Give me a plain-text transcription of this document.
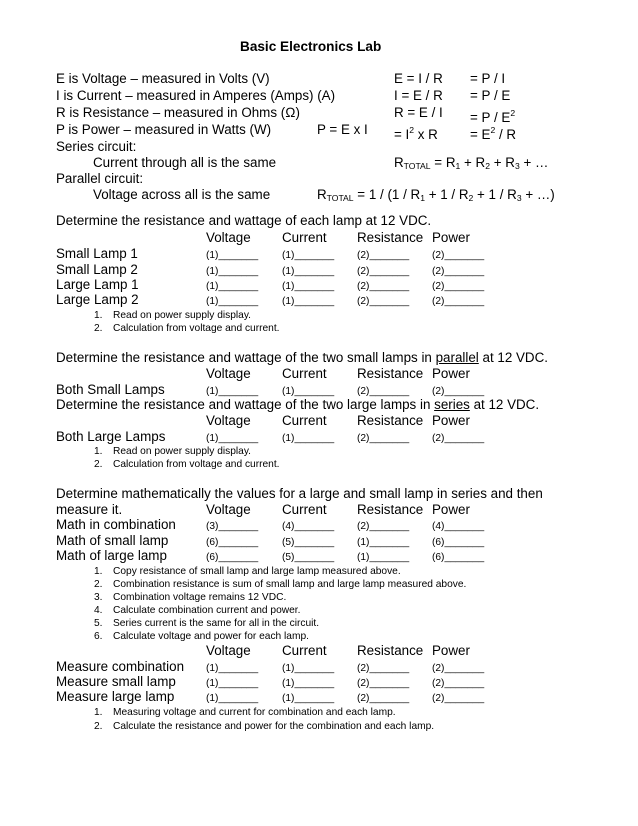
Basic Electronics Lab
E is Voltage – measured in Volts (V)
I is Current – measured in Amperes (Amps) (A)
R is Resistance – measured in Ohms (Ω)
P is Power – measured in Watts (W)	P = E x I
Series circuit:
Current through all is the same
Parallel circuit:
Voltage across all is the same
E = I / R = P / I
I = E / R = P / E
$R = E / I = P / E^2$
= $I^2$ x $R = E^2 / R$
$R_{TOTAL} = R_1 + R_2 + R_3$ + …
$R_{TOTAL} = 1 / (1 / R_1 + 1 / R_2 + 1 / R_3$ + …)
Determine the resistance and wattage of each lamp at 12 VDC.
Voltage Current Resistance Power
Small Lamp 1	(1)_______ (1)_______ (2)_______ (2)_______
Small Lamp 2	(1)_______ (1)_______ (2)_______ (2)_______
Large Lamp 1	(1)_______ (1)_______ (2)_______ (2)_______
Large Lamp 2	(1)_______ (1)_______ (2)_______ (2)_______
1. Read on power supply display.
2. Calculation from voltage and current.
Determine the resistance and wattage of the two small lamps in parallel at 12 VDC.
Voltage Current Resistance Power
Both Small Lamps	(1)_______ (1)_______ (2)_______ (2)_______
Determine the resistance and wattage of the two large lamps in series at 12 VDC.
Voltage Current Resistance Power
Both Large Lamps	(1)_______ (1)_______ (2)_______ (2)_______
1. Read on power supply display.
2. Calculation from voltage and current.
Determine mathematically the values for a large and small lamp in series and then
measure it.	Voltage Current Resistance Power
Math in combination	(3)_______ (4)_______ (2)_______ (4)_______
Math of small lamp	(6)_______ (5)_______ (1)_______ (6)_______
Math of large lamp	(6)_______ (5)_______ (1)_______ (6)_______
1. Copy resistance of small lamp and large lamp measured above.
2. Combination resistance is sum of small lamp and large lamp measured above.
3. Combination voltage remains 12 VDC.
4. Calculate combination current and power.
5. Series current is the same for all in the circuit.
6. Calculate voltage and power for each lamp.
Voltage Current Resistance Power
Measure combination (1)_______ (1)_______ (2)_______ (2)_______
Measure small lamp	(1)_______ (1)_______ (2)_______ (2)_______
Measure large lamp	(1)_______ (1)_______ (2)_______ (2)_______
1. Measuring voltage and current for combination and each lamp.
2. Calculate the resistance and power for the combination and each lamp.
